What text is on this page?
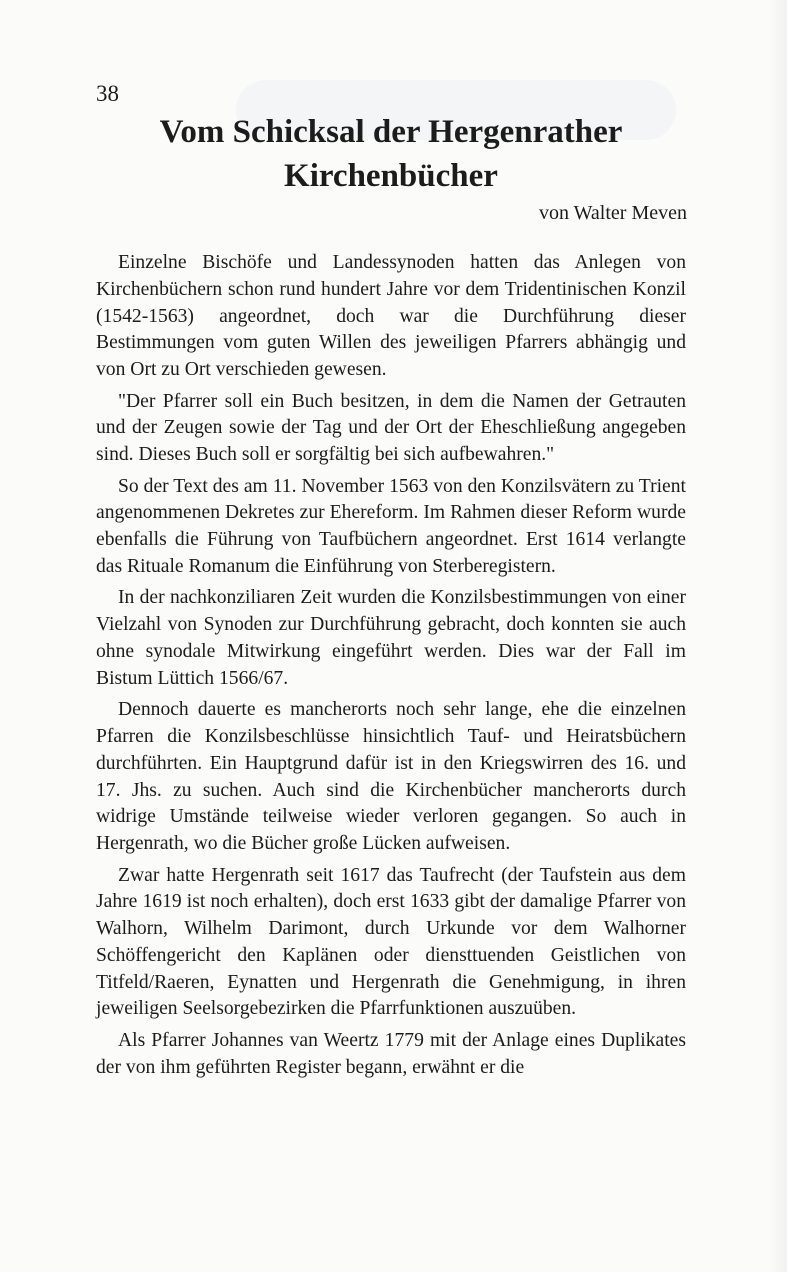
38
Vom Schicksal der Hergenrather
Kirchenbücher
von Walter Meven

Einzelne Bischöfe und Landessynoden hatten das Anlegen von Kirchenbüchern schon rund hundert Jahre vor dem Tridentinischen Konzil (1542-1563) angeordnet, doch war die Durchführung dieser Bestimmungen vom guten Willen des jeweiligen Pfarrers abhängig und von Ort zu Ort verschieden gewesen.

"Der Pfarrer soll ein Buch besitzen, in dem die Namen der Getrauten und der Zeugen sowie der Tag und der Ort der Eheschließung angegeben sind. Dieses Buch soll er sorgfältig bei sich aufbewahren."

So der Text des am 11. November 1563 von den Konzilsvätern zu Trient angenommenen Dekretes zur Ehereform. Im Rahmen dieser Reform wurde ebenfalls die Führung von Taufbüchern angeordnet. Erst 1614 verlangte das Rituale Romanum die Einführung von Sterberegistern.

In der nachkonziliaren Zeit wurden die Konzilsbestimmungen von einer Vielzahl von Synoden zur Durchführung gebracht, doch konnten sie auch ohne synodale Mitwirkung eingeführt werden. Dies war der Fall im Bistum Lüttich 1566/67.

Dennoch dauerte es mancherorts noch sehr lange, ehe die einzelnen Pfarren die Konzilsbeschlüsse hinsichtlich Tauf- und Heiratsbüchern durchführten. Ein Hauptgrund dafür ist in den Kriegswirren des 16. und 17. Jhs. zu suchen. Auch sind die Kirchenbücher mancherorts durch widrige Umstände teilweise wieder verloren gegangen. So auch in Hergenrath, wo die Bücher große Lücken aufweisen.

Zwar hatte Hergenrath seit 1617 das Taufrecht (der Taufstein aus dem Jahre 1619 ist noch erhalten), doch erst 1633 gibt der damalige Pfarrer von Walhorn, Wilhelm Darimont, durch Urkunde vor dem Walhorner Schöffengericht den Kaplänen oder diensttuenden Geistlichen von Titfeld/Raeren, Eynatten und Hergenrath die Genehmigung, in ihren jeweiligen Seelsorgebezirken die Pfarrfunktionen auszuüben.

Als Pfarrer Johannes van Weertz 1779 mit der Anlage eines Duplikates der von ihm geführten Register begann, erwähnt er die
